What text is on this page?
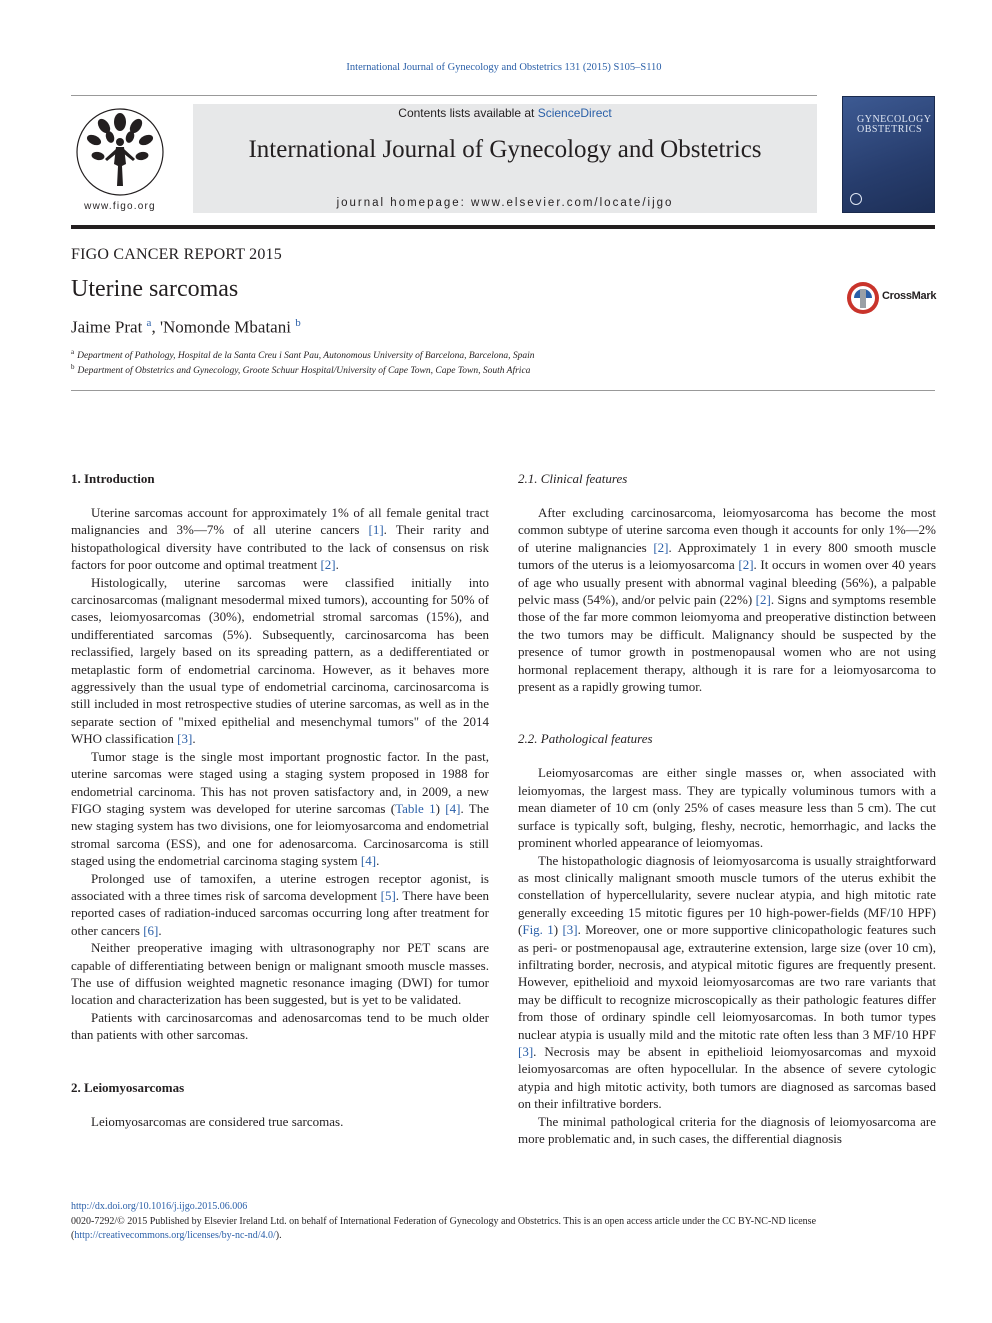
International Journal of Gynecology and Obstetrics 131 (2015) S105–S110
www.figo.org
Contents lists available at ScienceDirect
International Journal of Gynecology and Obstetrics
journal homepage: www.elsevier.com/locate/ijgo
GYNECOLOGY OBSTETRICS
FIGO CANCER REPORT 2015
Uterine sarcomas
Jaime Prat $^a$, 'Nomonde Mbatani $^b$
CrossMark
$^a$ Department of Pathology, Hospital de la Santa Creu i Sant Pau, Autonomous University of Barcelona, Barcelona, Spain
$^b$ Department of Obstetrics and Gynecology, Groote Schuur Hospital/University of Cape Town, Cape Town, South Africa
1. Introduction

Uterine sarcomas account for approximately 1% of all female genital tract malignancies and 3%—7% of all uterine cancers [1]. Their rarity and histopathological diversity have contributed to the lack of consensus on risk factors for poor outcome and optimal treatment [2].

Histologically, uterine sarcomas were classified initially into carcinosarcomas (malignant mesodermal mixed tumors), accounting for 50% of cases, leiomyosarcomas (30%), endometrial stromal sarcomas (15%), and undifferentiated sarcomas (5%). Subsequently, carcinosarcoma has been reclassified, largely based on its spreading pattern, as a dedifferentiated or metaplastic form of endometrial carcinoma. However, as it behaves more aggressively than the usual type of endometrial carcinoma, carcinosarcoma is still included in most retrospective studies of uterine sarcomas, as well as in the separate section of "mixed epithelial and mesenchymal tumors" of the 2014 WHO classification [3].

Tumor stage is the single most important prognostic factor. In the past, uterine sarcomas were staged using a staging system proposed in 1988 for endometrial carcinoma. This has not proven satisfactory and, in 2009, a new FIGO staging system was developed for uterine sarcomas (Table 1) [4]. The new staging system has two divisions, one for leiomyosarcoma and endometrial stromal sarcoma (ESS), and one for adenosarcoma. Carcinosarcoma is still staged using the endometrial carcinoma staging system [4].

Prolonged use of tamoxifen, a uterine estrogen receptor agonist, is associated with a three times risk of sarcoma development [5]. There have been reported cases of radiation-induced sarcomas occurring long after treatment for other cancers [6].

Neither preoperative imaging with ultrasonography nor PET scans are capable of differentiating between benign or malignant smooth muscle masses. The use of diffusion weighted magnetic resonance imaging (DWI) for tumor location and characterization has been suggested, but is yet to be validated.

Patients with carcinosarcomas and adenosarcomas tend to be much older than patients with other sarcomas.

2. Leiomyosarcomas

Leiomyosarcomas are considered true sarcomas.

2.1. Clinical features

After excluding carcinosarcoma, leiomyosarcoma has become the most common subtype of uterine sarcoma even though it accounts for only 1%—2% of uterine malignancies [2]. Approximately 1 in every 800 smooth muscle tumors of the uterus is a leiomyosarcoma [2]. It occurs in women over 40 years of age who usually present with abnormal vaginal bleeding (56%), a palpable pelvic mass (54%), and/or pelvic pain (22%) [2]. Signs and symptoms resemble those of the far more common leiomyoma and preoperative distinction between the two tumors may be difficult. Malignancy should be suspected by the presence of tumor growth in postmenopausal women who are not using hormonal replacement therapy, although it is rare for a leiomyosarcoma to present as a rapidly growing tumor.

2.2. Pathological features

Leiomyosarcomas are either single masses or, when associated with leiomyomas, the largest mass. They are typically voluminous tumors with a mean diameter of 10 cm (only 25% of cases measure less than 5 cm). The cut surface is typically soft, bulging, fleshy, necrotic, hemorrhagic, and lacks the prominent whorled appearance of leiomyomas.

The histopathologic diagnosis of leiomyosarcoma is usually straightforward as most clinically malignant smooth muscle tumors of the uterus exhibit the constellation of hypercellularity, severe nuclear atypia, and high mitotic rate generally exceeding 15 mitotic figures per 10 high-power-fields (MF/10 HPF) (Fig. 1) [3]. Moreover, one or more supportive clinicopathologic features such as peri- or postmenopausal age, extrauterine extension, large size (over 10 cm), infiltrating border, necrosis, and atypical mitotic figures are frequently present. However, epithelioid and myxoid leiomyosarcomas are two rare variants that may be difficult to recognize microscopically as their pathologic features differ from those of ordinary spindle cell leiomyosarcomas. In both tumor types nuclear atypia is usually mild and the mitotic rate often less than 3 MF/10 HPF [3]. Necrosis may be absent in epithelioid leiomyosarcomas and myxoid leiomyosarcomas are often hypocellular. In the absence of severe cytologic atypia and high mitotic activity, both tumors are diagnosed as sarcomas based on their infiltrative borders.

The minimal pathological criteria for the diagnosis of leiomyosarcoma are more problematic and, in such cases, the differential diagnosis

http://dx.doi.org/10.1016/j.ijgo.2015.06.006
0020-7292/© 2015 Published by Elsevier Ireland Ltd. on behalf of International Federation of Gynecology and Obstetrics. This is an open access article under the CC BY-NC-ND license
(http://creativecommons.org/licenses/by-nc-nd/4.0/).
